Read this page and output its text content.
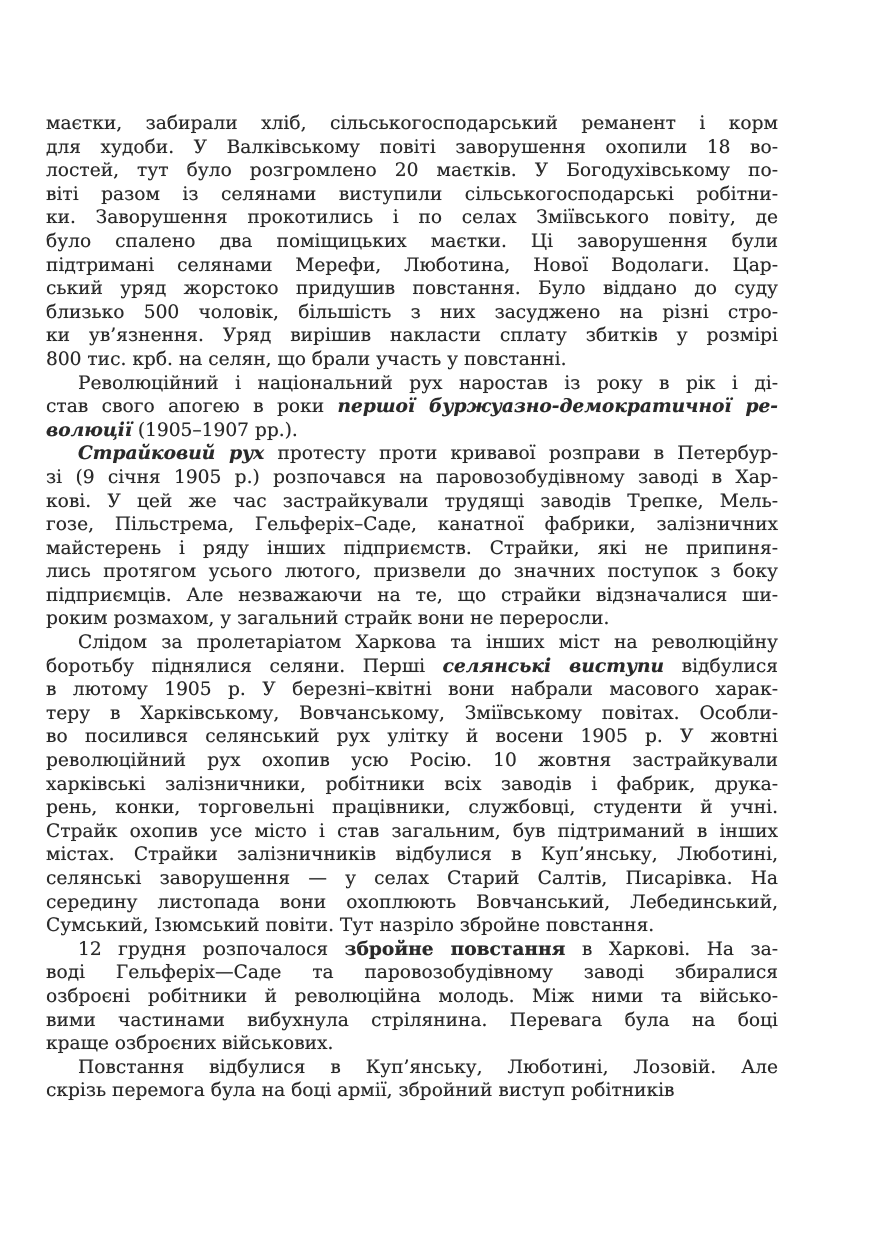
маєтки, забирали хліб, сільськогосподарський реманент і корм
для худоби. У Валківському повіті заворушення охопили 18 во-
лостей, тут було розгромлено 20 маєтків. У Богодухівському по-
віті разом із селянами виступили сільськогосподарські робітни-
ки. Заворушення прокотились і по селах Зміївського повіту, де
було спалено два поміщицьких маєтки. Ці заворушення були
підтримані селянами Мерефи, Люботина, Нової Водолаги. Цар-
ський уряд жорстоко придушив повстання. Було віддано до суду
близько 500 чоловік, більшість з них засуджено на різні стро-
ки ув’язнення. Уряд вирішив накласти сплату збитків у розмірі
800 тис. крб. на селян, що брали участь у повстанні.
Революційний і національний рух наростав із року в рік і ді-
став свого апогею в роки першої буржуазно-демократичної ре-
волюції (1905–1907 рр.).
Страйковий рух протесту проти кривавої розправи в Петербур-
зі (9 січня 1905 р.) розпочався на паровозобудівному заводі в Хар-
кові. У цей же час застрайкували трудящі заводів Трепке, Мель-
гозе, Пільстрема, Гельферіх–Саде, канатної фабрики, залізничних
майстерень і ряду інших підприємств. Страйки, які не припиня-
лись протягом усього лютого, призвели до значних поступок з боку
підприємців. Але незважаючи на те, що страйки відзначалися ши-
роким розмахом, у загальний страйк вони не переросли.
Слідом за пролетаріатом Харкова та інших міст на революційну
боротьбу піднялися селяни. Перші селянські виступи відбулися
в лютому 1905 р. У березні–квітні вони набрали масового харак-
теру в Харківському, Вовчанському, Зміївському повітах. Особли-
во посилився селянський рух улітку й восени 1905 р. У жовтні
революційний рух охопив усю Росію. 10 жовтня застрайкували
харківські залізничники, робітники всіх заводів і фабрик, друка-
рень, конки, торговельні працівники, службовці, студенти й учні.
Страйк охопив усе місто і став загальним, був підтриманий в інших
містах. Страйки залізничників відбулися в Куп’янську, Люботині,
селянські заворушення — у селах Старий Салтів, Писарівка. На
середину листопада вони охоплюють Вовчанський, Лебединський,
Сумський, Ізюмський повіти. Тут назріло збройне повстання.
12 грудня розпочалося збройне повстання в Харкові. На за-
воді Гельферіх—Саде та паровозобудівному заводі збиралися
озброєні робітники й революційна молодь. Між ними та військо-
вими частинами вибухнула стрілянина. Перевага була на боці
краще озброєних військових.
Повстання відбулися в Куп’янську, Люботині, Лозовій. Але
скрізь перемога була на боці армії, збройний виступ робітників
